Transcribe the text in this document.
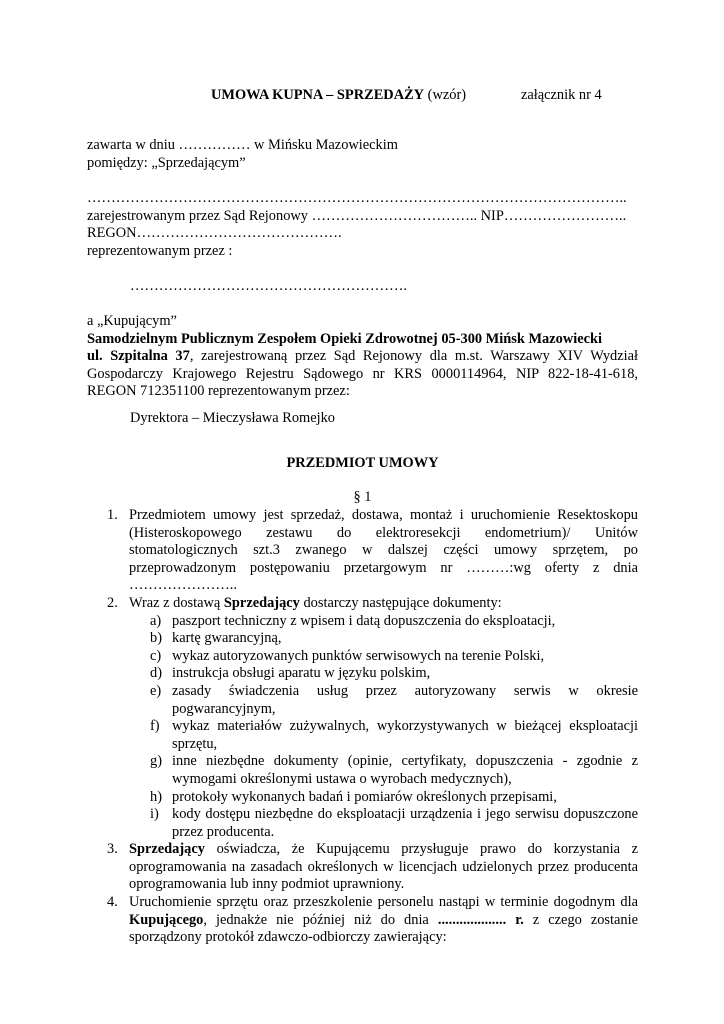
UMOWA KUPNA – SPRZEDAŻY (wzór)	załącznik nr 4
zawarta w dniu …………… w Mińsku Mazowieckim
pomiędzy: „Sprzedającym”
…………………………………………………………………………………………………..
zarejestrowanym przez Sąd Rejonowy …………………………….. NIP……………………..
REGON…………………………………….
reprezentowanym przez :
………………………………………………….
a „Kupującym”
Samodzielnym Publicznym Zespołem Opieki Zdrowotnej 05-300 Mińsk Mazowiecki
ul. Szpitalna 37, zarejestrowaną przez Sąd Rejonowy dla m.st. Warszawy XIV Wydział Gospodarczy Krajowego Rejestru Sądowego nr KRS 0000114964, NIP 822-18-41-618, REGON 712351100 reprezentowanym przez:
Dyrektora – Mieczysława Romejko
PRZEDMIOT UMOWY
§ 1
1. Przedmiotem umowy jest sprzedaż, dostawa, montaż i uruchomienie Resektoskopu (Histeroskopowego zestawu do elektroresekcji endometrium)/ Unitów stomatologicznych szt.3 zwanego w dalszej części umowy sprzętem, po przeprowadzonym postępowaniu przetargowym nr ………:wg oferty z dnia …………………..
2. Wraz z dostawą Sprzedający dostarczy następujące dokumenty:
a) paszport techniczny z wpisem i datą dopuszczenia do eksploatacji,
b) kartę gwarancyjną,
c) wykaz autoryzowanych punktów serwisowych na terenie Polski,
d) instrukcja obsługi aparatu w języku polskim,
e) zasady świadczenia usług przez autoryzowany serwis w okresie pogwarancyjnym,
f) wykaz materiałów zużywalnych, wykorzystywanych w bieżącej eksploatacji sprzętu,
g) inne niezbędne dokumenty (opinie, certyfikaty, dopuszczenia - zgodnie z wymogami określonymi ustawa o wyrobach medycznych),
h) protokoły wykonanych badań i pomiarów określonych przepisami,
i) kody dostępu niezbędne do eksploatacji urządzenia i jego serwisu dopuszczone przez producenta.
3. Sprzedający oświadcza, że Kupującemu przysługuje prawo do korzystania z oprogramowania na zasadach określonych w licencjach udzielonych przez producenta oprogramowania lub inny podmiot uprawniony.
4. Uruchomienie sprzętu oraz przeszkolenie personelu nastąpi w terminie dogodnym dla Kupującego, jednakże nie później niż do dnia ................... r. z czego zostanie sporządzony protokół zdawczo-odbiorczy zawierający:
